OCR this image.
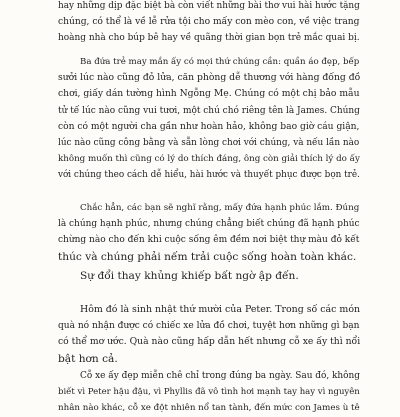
hay những dịp đặc biệt bà còn viết những bài thơ vui hài hước tặng
chúng, có thể là về lễ rửa tội cho mấy con mèo con, về việc trang
hoàng nhà cho búp bê hay về quãng thời gian bọn trẻ mắc quai bị.
Ba đứa trẻ may mắn ấy có mọi thứ chúng cần: quần áo đẹp, bếp
sưởi lúc nào cũng đỏ lửa, căn phòng dễ thương với hàng đống đồ
chơi, giấy dán tường hình Ngỗng Mẹ. Chúng có một chị bảo mẫu
tử tế lúc nào cũng vui tươi, một chú chó riêng tên là James. Chúng
còn có một người cha gần như hoàn hảo, không bao giờ cáu giận,
lúc nào cũng công bằng và sẵn lòng chơi với chúng, và nếu lần nào
không muốn thì cũng có lý do thích đáng, ông còn giải thích lý do ấy
với chúng theo cách dễ hiểu, hài hước và thuyết phục được bọn trẻ.
Chắc hẳn, các bạn sẽ nghĩ rằng, mấy đứa hạnh phúc lắm. Đúng
là chúng hạnh phúc, nhưng chúng chẳng biết chúng đã hạnh phúc
chừng nào cho đến khi cuộc sống êm đềm nơi biệt thự màu đỏ kết
thúc và chúng phải nếm trải cuộc sống hoàn toàn khác.
Sự đổi thay khủng khiếp bất ngờ ập đến.
Hôm đó là sinh nhật thứ mười của Peter. Trong số các món
quà nó nhận được có chiếc xe lửa đồ chơi, tuyệt hơn những gì bạn
có thể mơ ước. Quà nào cũng hấp dẫn hết nhưng cỗ xe ấy thì nổi
bật hơn cả.
Cỗ xe ấy đẹp miễn chê chỉ trong đúng ba ngày. Sau đó, không
biết vì Peter hậu đậu, vì Phyllis đã vô tình hơi mạnh tay hay vì nguyên
nhân nào khác, cỗ xe đột nhiên nổ tan tành, đến mức con James ù tê
